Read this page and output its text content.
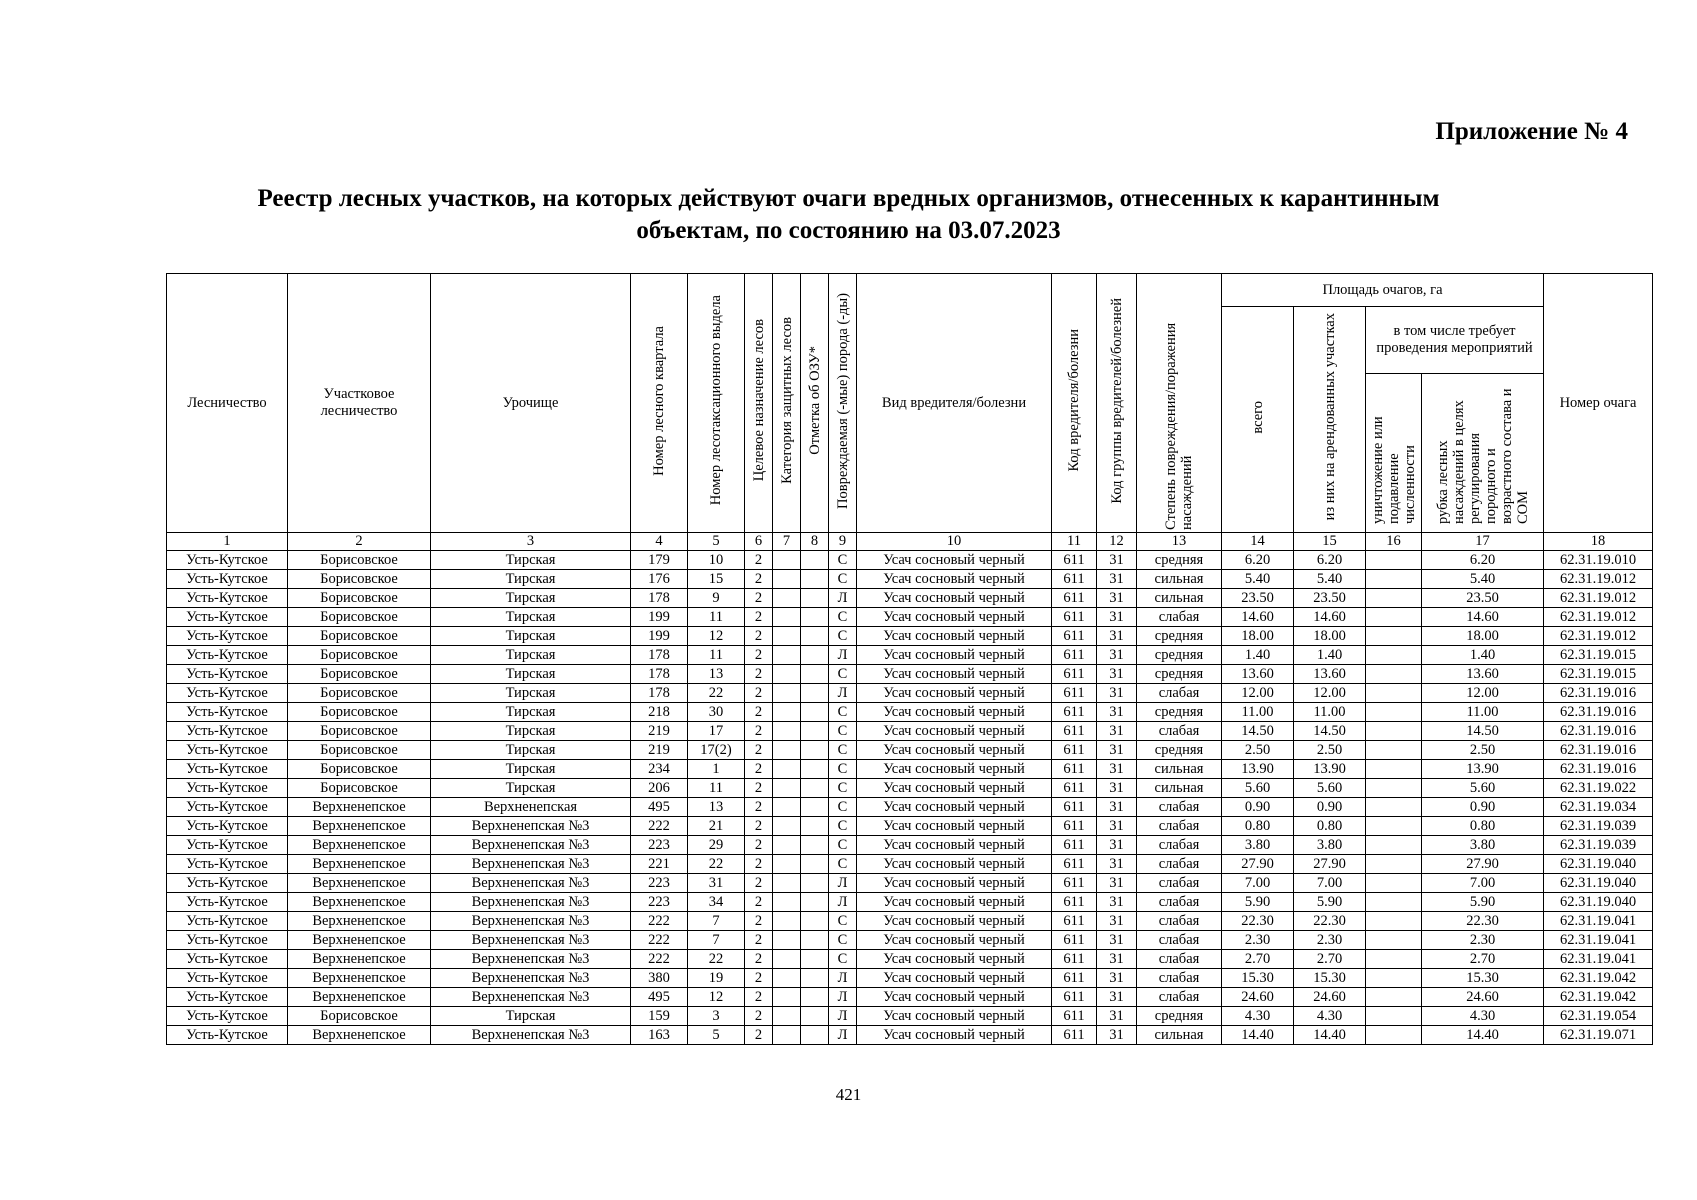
Приложение № 4
Реестр лесных участков, на которых действуют очаги вредных организмов, отнесенных к карантинным
объектам, по состоянию на 03.07.2023
Лесничество	Участковое лесничество	Урочище	Номер лесного квартала	Номер лесотаксационного выдела	Целевое назначение лесов	Категория защитных лесов	Отметка об ОЗУ*	Повреждаемая (-мые) порода (-ды)	Вид вредителя/болезни	Код вредителя/болезни	Код группы вредителей/болезней	Степень повреждения/поражения насаждений	Площадь очагов, га				Номер очага
													всего	из них на арендованных участках	в том числе требует проведения мероприятий		
															уничтожение или подавление численности	рубка лесных насаждений в целях регулирования породного и возрастного состава и СОМ	
1	2	3	4	5	6	7	8	9	10	11	12	13	14	15	16	17	18
Усть-Кутское	Борисовское	Тирская	179	10	2			С	Усач сосновый черный	611	31	средняя	6.20	6.20		6.20	62.31.19.010
Усть-Кутское	Борисовское	Тирская	176	15	2			С	Усач сосновый черный	611	31	сильная	5.40	5.40		5.40	62.31.19.012
Усть-Кутское	Борисовское	Тирская	178	9	2			Л	Усач сосновый черный	611	31	сильная	23.50	23.50		23.50	62.31.19.012
Усть-Кутское	Борисовское	Тирская	199	11	2			С	Усач сосновый черный	611	31	слабая	14.60	14.60		14.60	62.31.19.012
Усть-Кутское	Борисовское	Тирская	199	12	2			С	Усач сосновый черный	611	31	средняя	18.00	18.00		18.00	62.31.19.012
Усть-Кутское	Борисовское	Тирская	178	11	2			Л	Усач сосновый черный	611	31	средняя	1.40	1.40		1.40	62.31.19.015
Усть-Кутское	Борисовское	Тирская	178	13	2			С	Усач сосновый черный	611	31	средняя	13.60	13.60		13.60	62.31.19.015
Усть-Кутское	Борисовское	Тирская	178	22	2			Л	Усач сосновый черный	611	31	слабая	12.00	12.00		12.00	62.31.19.016
Усть-Кутское	Борисовское	Тирская	218	30	2			С	Усач сосновый черный	611	31	средняя	11.00	11.00		11.00	62.31.19.016
Усть-Кутское	Борисовское	Тирская	219	17	2			С	Усач сосновый черный	611	31	слабая	14.50	14.50		14.50	62.31.19.016
Усть-Кутское	Борисовское	Тирская	219	17(2)	2			С	Усач сосновый черный	611	31	средняя	2.50	2.50		2.50	62.31.19.016
Усть-Кутское	Борисовское	Тирская	234	1	2			С	Усач сосновый черный	611	31	сильная	13.90	13.90		13.90	62.31.19.016
Усть-Кутское	Борисовское	Тирская	206	11	2			С	Усач сосновый черный	611	31	сильная	5.60	5.60		5.60	62.31.19.022
Усть-Кутское	Верхненепское	Верхненепская	495	13	2			С	Усач сосновый черный	611	31	слабая	0.90	0.90		0.90	62.31.19.034
Усть-Кутское	Верхненепское	Верхненепская №3	222	21	2			С	Усач сосновый черный	611	31	слабая	0.80	0.80		0.80	62.31.19.039
Усть-Кутское	Верхненепское	Верхненепская №3	223	29	2			С	Усач сосновый черный	611	31	слабая	3.80	3.80		3.80	62.31.19.039
Усть-Кутское	Верхненепское	Верхненепская №3	221	22	2			С	Усач сосновый черный	611	31	слабая	27.90	27.90		27.90	62.31.19.040
Усть-Кутское	Верхненепское	Верхненепская №3	223	31	2			Л	Усач сосновый черный	611	31	слабая	7.00	7.00		7.00	62.31.19.040
Усть-Кутское	Верхненепское	Верхненепская №3	223	34	2			Л	Усач сосновый черный	611	31	слабая	5.90	5.90		5.90	62.31.19.040
Усть-Кутское	Верхненепское	Верхненепская №3	222	7	2			С	Усач сосновый черный	611	31	слабая	22.30	22.30		22.30	62.31.19.041
Усть-Кутское	Верхненепское	Верхненепская №3	222	7	2			С	Усач сосновый черный	611	31	слабая	2.30	2.30		2.30	62.31.19.041
Усть-Кутское	Верхненепское	Верхненепская №3	222	22	2			С	Усач сосновый черный	611	31	слабая	2.70	2.70		2.70	62.31.19.041
Усть-Кутское	Верхненепское	Верхненепская №3	380	19	2			Л	Усач сосновый черный	611	31	слабая	15.30	15.30		15.30	62.31.19.042
Усть-Кутское	Верхненепское	Верхненепская №3	495	12	2			Л	Усач сосновый черный	611	31	слабая	24.60	24.60		24.60	62.31.19.042
Усть-Кутское	Борисовское	Тирская	159	3	2			Л	Усач сосновый черный	611	31	средняя	4.30	4.30		4.30	62.31.19.054
Усть-Кутское	Верхненепское	Верхненепская №3	163	5	2			Л	Усач сосновый черный	611	31	сильная	14.40	14.40		14.40	62.31.19.071
421
